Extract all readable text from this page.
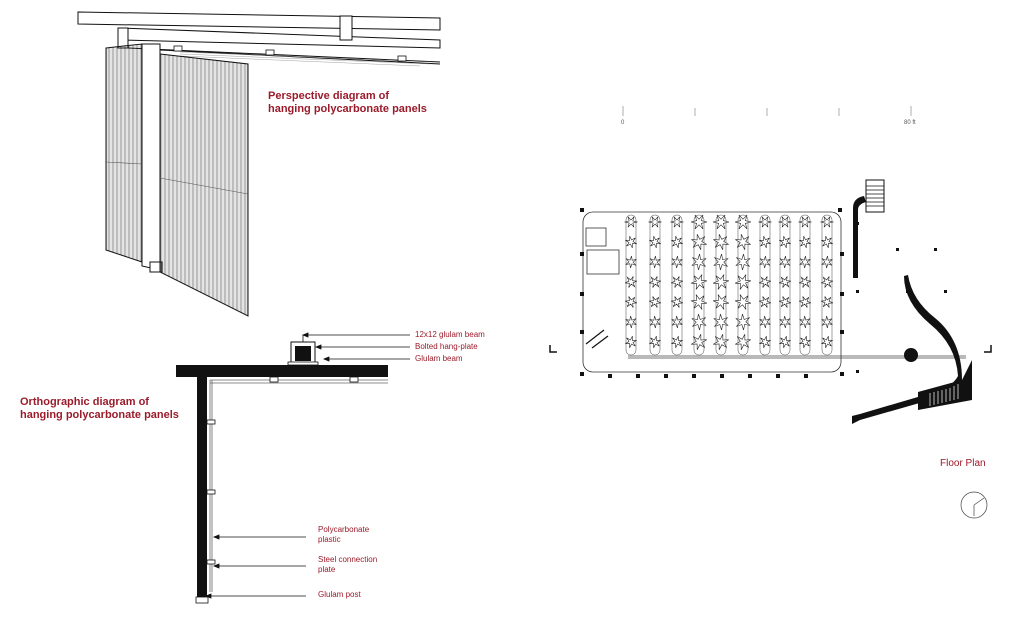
Perspective diagram of
hanging polycarbonate panels
Orthographic diagram of
hanging polycarbonate panels
12x12 glulam beam
Bolted hang-plate
Glulam beam
Polycarbonate
plastic
Steel connection
plate
Glulam post
0	80 ft
Floor Plan
